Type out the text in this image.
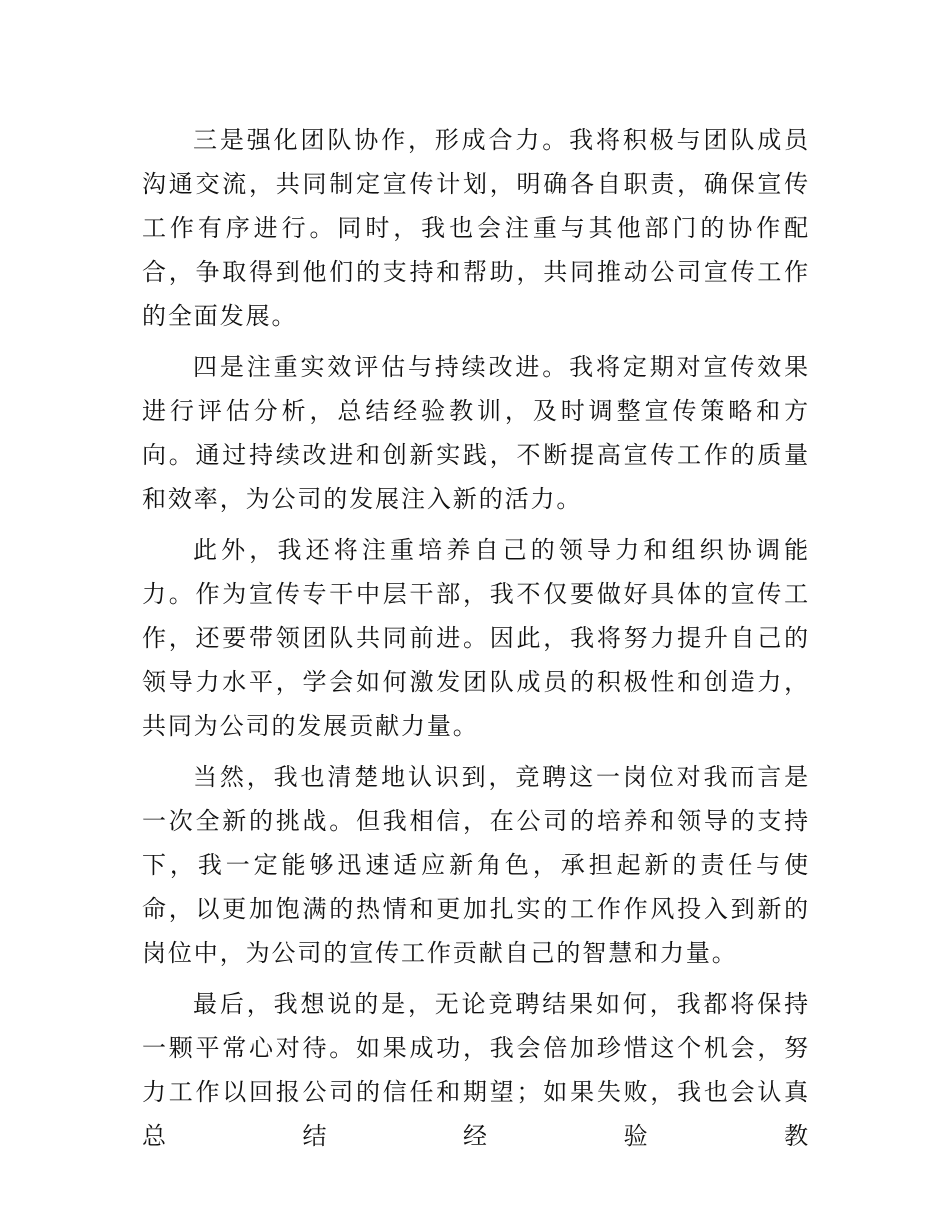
三是强化团队协作，形成合力。我将积极与团队成员沟通交流，共同制定宣传计划，明确各自职责，确保宣传工作有序进行。同时，我也会注重与其他部门的协作配合，争取得到他们的支持和帮助，共同推动公司宣传工作的全面发展。

四是注重实效评估与持续改进。我将定期对宣传效果进行评估分析，总结经验教训，及时调整宣传策略和方向。通过持续改进和创新实践，不断提高宣传工作的质量和效率，为公司的发展注入新的活力。

此外，我还将注重培养自己的领导力和组织协调能力。作为宣传专干中层干部，我不仅要做好具体的宣传工作，还要带领团队共同前进。因此，我将努力提升自己的领导力水平，学会如何激发团队成员的积极性和创造力，共同为公司的发展贡献力量。

当然，我也清楚地认识到，竞聘这一岗位对我而言是一次全新的挑战。但我相信，在公司的培养和领导的支持下，我一定能够迅速适应新角色，承担起新的责任与使命，以更加饱满的热情和更加扎实的工作作风投入到新的岗位中，为公司的宣传工作贡献自己的智慧和力量。

最后，我想说的是，无论竞聘结果如何，我都将保持一颗平常心对待。如果成功，我会倍加珍惜这个机会，努力工作以回报公司的信任和期望；如果失败，我也会认真总结经验教
